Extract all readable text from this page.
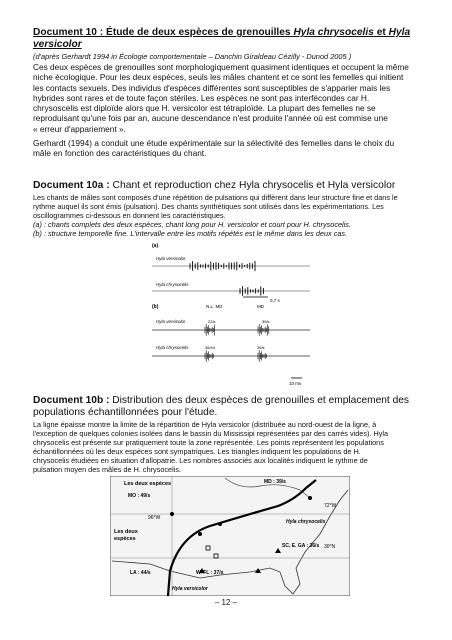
Document 10 : Étude de deux espèces de grenouilles Hyla chrysocelis et Hyla versicolor
(d'après Gerhardt 1994 in Écologie comportementale – Danchin Giraldeau Cézilly - Dunod 2005 )
Ces deux espèces de grenouilles sont morphologiquement quasiment identiques et occupent la même
niche écologique. Pour les deux espèces, seuls les mâles chantent et ce sont les femelles qui initient
les contacts sexuels. Des individus d'espèces différentes sont susceptibles de s'apparier mais les
hybrides sont rares et de toute façon stériles. Les espèces ne sont pas interfécondes car H.
chrysoscelis est diploïde alors que H. versicolor est tétraploïde. La plupart des femelles ne se
reproduisant qu'une fois par an, aucune descendance n'est produite l'année où est commise une
« erreur d'appariement ».
Gerhardt (1994) a conduit une étude expérimentale sur la sélectivité des femelles dans le choix du
mâle en fonction des caractéristiques du chant.
Document 10a : Chant et reproduction chez Hyla chrysocelis et Hyla versicolor
Les chants de mâles sont composés d'une répétition de pulsations qui diffèrent dans leur structure fine et dans le
rythme auquel ils sont émis (pulsation). Des chants synthétiques sont utilisés dans les expérimentations. Les
oscillogrammes ci-dessous en donnent les caractéristiques.
(a) : chants complets des deux espèces, chant long pour H. versicolor et court pour H. chrysocelis.
(b) : structure temporelle fine. L'intervalle entre les motifs répétés est le même dans les deux cas.
(a)
Hyla versicolor
Hyla chrysocelis
0,7 s
(b)	N.L. MD	MD
Hyla versicolor	22/s	39/s
Hyla chrysocelis	46/44	39/s
10 ms
Document 10b : Distribution des deux espèces de grenouilles et emplacement des populations échantillonnées pour l'étude.
La ligne épaisse montre la limite de la répartition de Hyla versicolor (distribuée au nord-ouest de la ligne, à
l'exception de quelques colonies isolées dans le bassin du Mississipi représentées par des carrés vides). Hyla
chrysocelis est présente sur pratiquement toute la zone représentée. Les points représentent les populations
échantillonnées où les deux espèces sont sympatriques. Les triangles indiquent les populations de H.
chrysocelis étudiées en situation d'allopatrie. Les nombres associés aux localités indiquent le rythme de
pulsation moyen des mâles de H. chrysocelis.
Les deux espèces
MO : 49/s
MD : 39/s
96°W
72°W
Hyla chrysocelis
SC, E. GA : 36/s
Les deux
espèces
30°N
LA : 44/s	W. FL : 37/s
Hyla versicolor
– 12 –
